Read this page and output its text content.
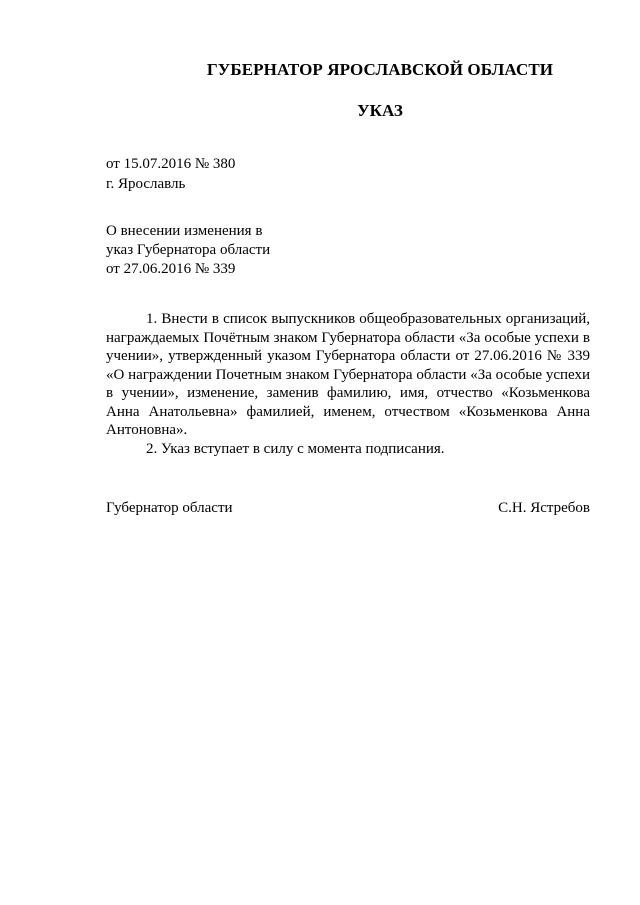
ГУБЕРНАТОР ЯРОСЛАВСКОЙ ОБЛАСТИ
УКАЗ
от 15.07.2016 № 380
г. Ярославль
О внесении изменения в
указ Губернатора области
от 27.06.2016 № 339

1. Внести в список выпускников общеобразовательных организаций, награждаемых Почётным знаком Губернатора области «За особые успехи в учении», утвержденный указом Губернатора области от 27.06.2016 № 339 «О награждении Почетным знаком Губернатора области «За особые успехи в учении», изменение, заменив фамилию, имя, отчество «Козьменкова Анна Анатольевна» фамилией, именем, отчеством «Козьменкова Анна Антоновна».

2. Указ вступает в силу с момента подписания.

Губернатор области	С.Н. Ястребов
